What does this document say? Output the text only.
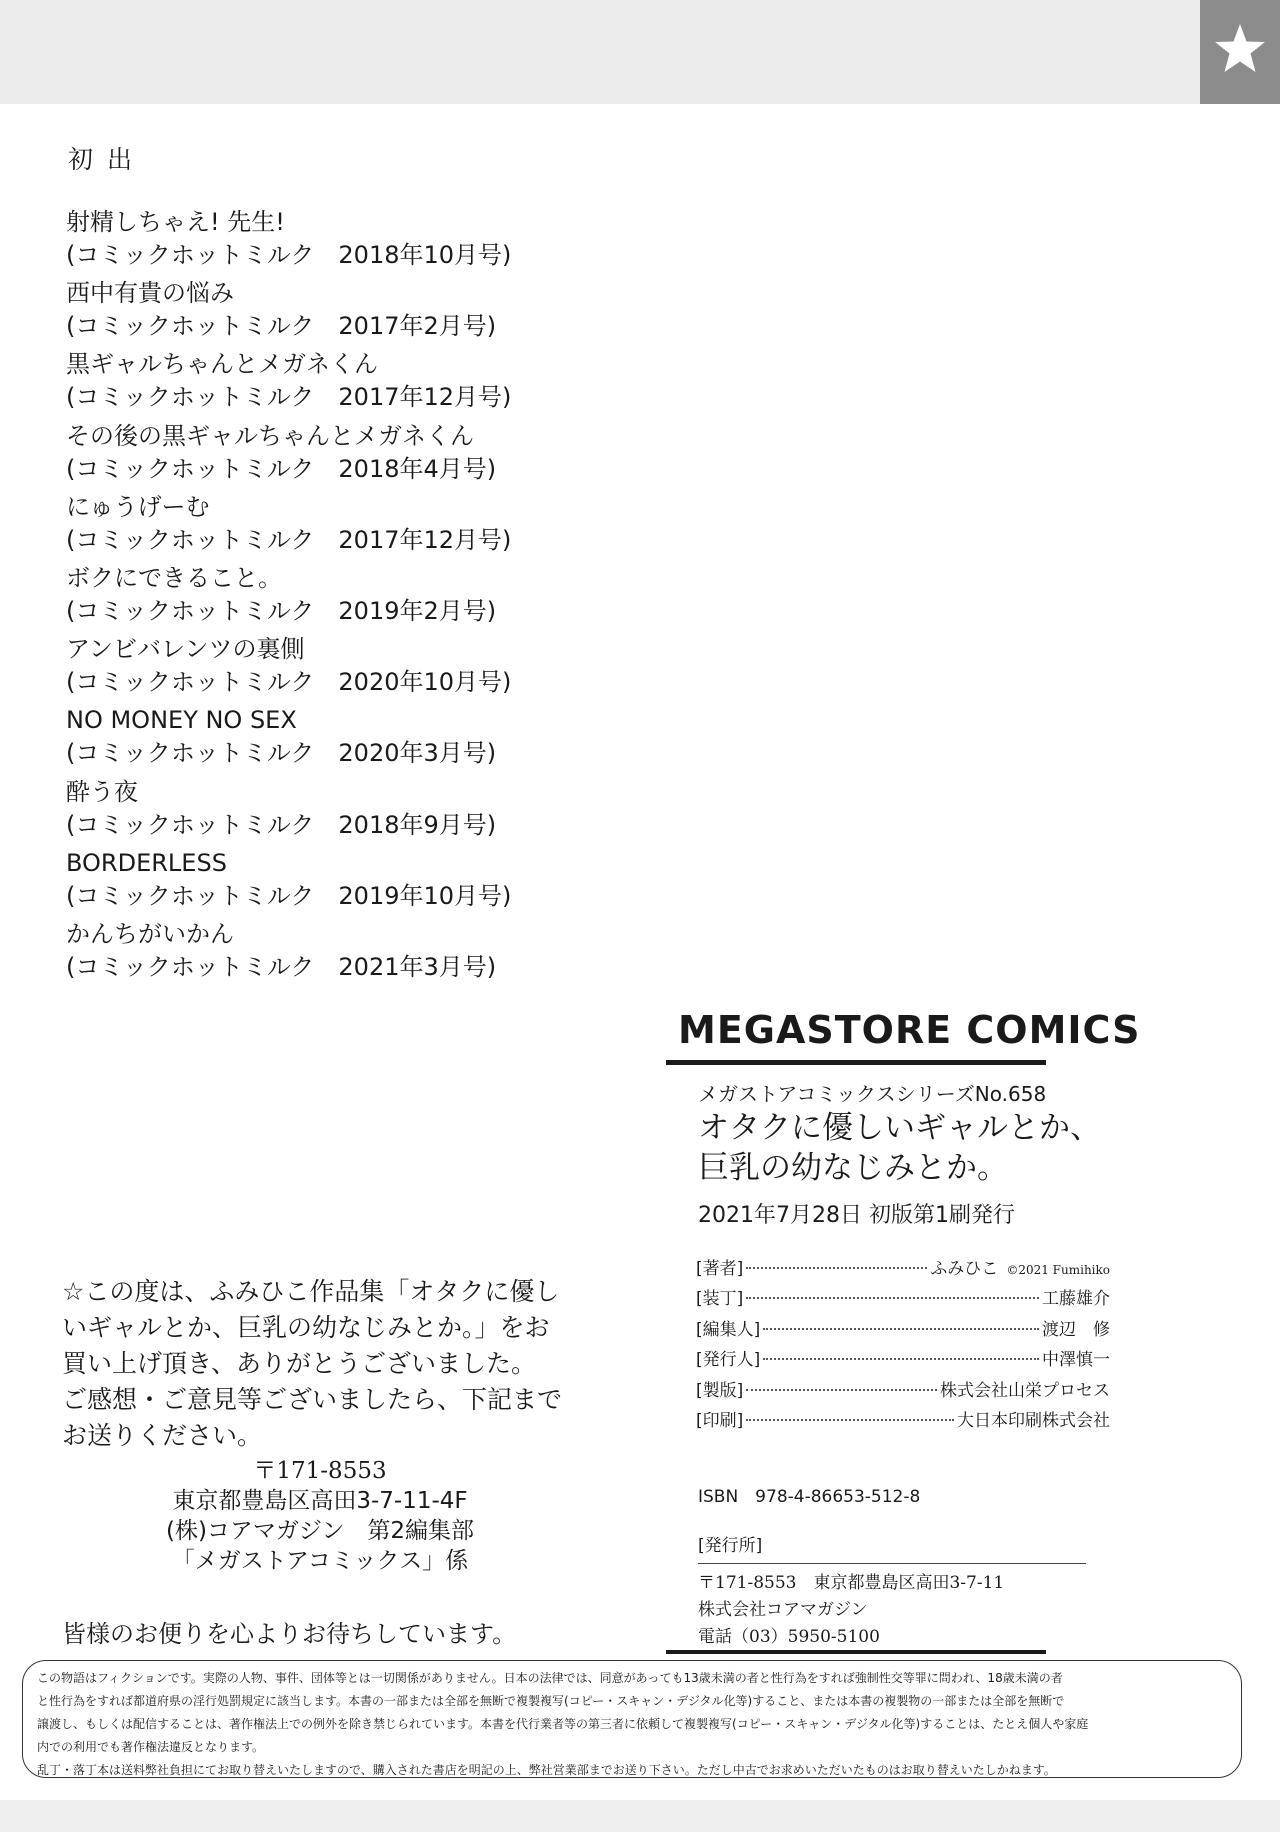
初出
射精しちゃえ! 先生!
(コミックホットミルク　2018年10月号)
西中有貴の悩み
(コミックホットミルク　2017年2月号)
黒ギャルちゃんとメガネくん
(コミックホットミルク　2017年12月号)
その後の黒ギャルちゃんとメガネくん
(コミックホットミルク　2018年4月号)
にゅうげーむ
(コミックホットミルク　2017年12月号)
ボクにできること。
(コミックホットミルク　2019年2月号)
アンビバレンツの裏側
(コミックホットミルク　2020年10月号)
NO MONEY NO SEX
(コミックホットミルク　2020年3月号)
酔う夜
(コミックホットミルク　2018年9月号)
BORDERLESS
(コミックホットミルク　2019年10月号)
かんちがいかん
(コミックホットミルク　2021年3月号)
MEGASTORE COMICS
メガストアコミックスシリーズNo.658
オタクに優しいギャルとか、
巨乳の幼なじみとか。
2021年7月28日 初版第1刷発行
[著者]	ふみひこ ©2021 Fumihiko
[装丁]	工藤雄介
[編集人]	渡辺　修
[発行人]	中澤慎一
[製版]	株式会社山栄プロセス
[印刷]	大日本印刷株式会社
ISBN　978-4-86653-512-8
[発行所]
〒171-8553　東京都豊島区高田3-7-11
株式会社コアマガジン
電話（03）5950-5100
☆この度は、ふみひこ作品集「オタクに優し
いギャルとか、巨乳の幼なじみとか。」をお
買い上げ頂き、ありがとうございました。
ご感想・ご意見等ございましたら、下記まで
お送りください。
〒171-8553
東京都豊島区高田3-7-11-4F
(株)コアマガジン　第2編集部
「メガストアコミックス」係
皆様のお便りを心よりお待ちしています。
この物語はフィクションです。実際の人物、事件、団体等とは一切関係がありません。日本の法律では、同意があっても13歳未満の者と性行為をすれば強制性交等罪に問われ、18歳未満の者
と性行為をすれば都道府県の淫行処罰規定に該当します。本書の一部または全部を無断で複製複写(コピー・スキャン・デジタル化等)すること、または本書の複製物の一部または全部を無断で
譲渡し、もしくは配信することは、著作権法上での例外を除き禁じられています。本書を代行業者等の第三者に依頼して複製複写(コピー・スキャン・デジタル化等)することは、たとえ個人や家庭
内での利用でも著作権法違反となります。
乱丁・落丁本は送料弊社負担にてお取り替えいたしますので、購入された書店を明記の上、弊社営業部までお送り下さい。ただし中古でお求めいただいたものはお取り替えいたしかねます。
